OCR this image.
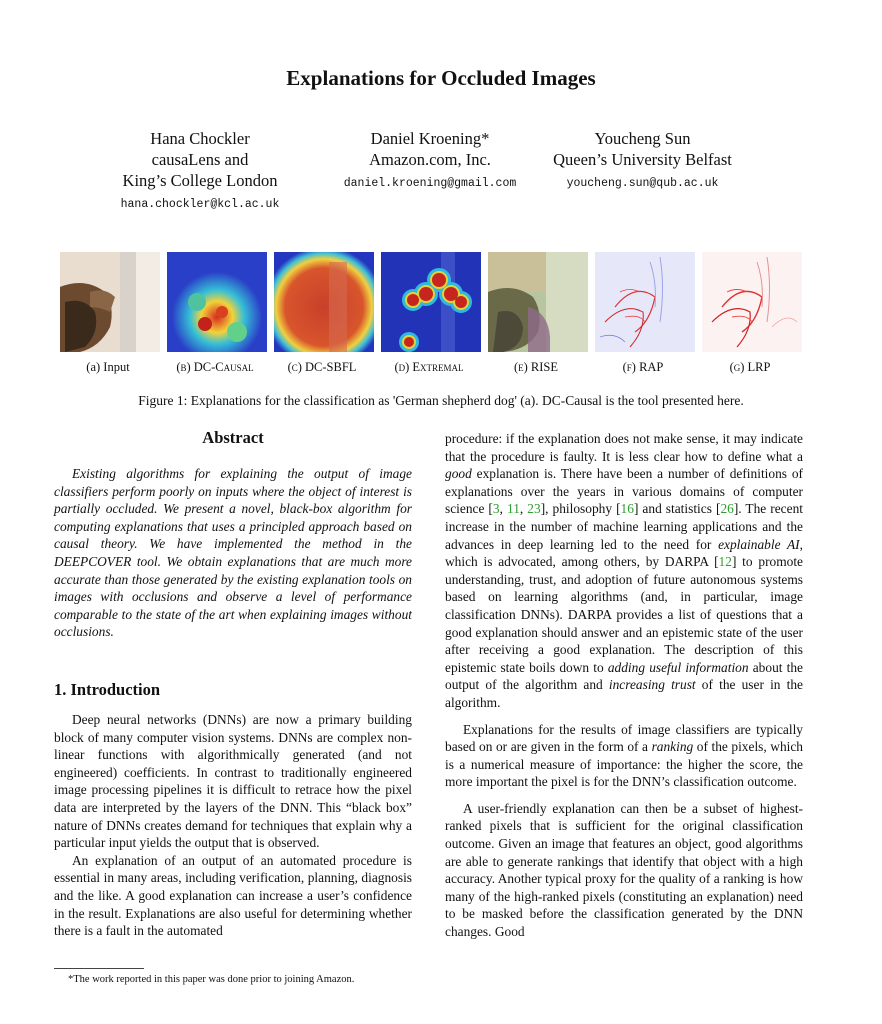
Explanations for Occluded Images
Hana Chockler
causaLens and
King’s College London
hana.chockler@kcl.ac.uk
Daniel Kroening*
Amazon.com, Inc.
daniel.kroening@gmail.com
Youcheng Sun
Queen’s University Belfast
youcheng.sun@qub.ac.uk
(a) Input	(b) DC-Causal	(c) DC-SBFL	(d) Extremal	(e) RISE	(f) RAP	(g) LRP
Figure 1: Explanations for the classification as 'German shepherd dog' (a). DC-Causal is the tool presented here.
Abstract

Existing algorithms for explaining the output of image classifiers perform poorly on inputs where the object of interest is partially occluded. We present a novel, black-box algorithm for computing explanations that uses a principled approach based on causal theory. We have implemented the method in the DEEPCOVER tool. We obtain explanations that are much more accurate than those generated by the existing explanation tools on images with occlusions and observe a level of performance comparable to the state of the art when explaining images without occlusions.

1. Introduction

Deep neural networks (DNNs) are now a primary building block of many computer vision systems. DNNs are complex non-linear functions with algorithmically generated (and not engineered) coefficients. In contrast to traditionally engineered image processing pipelines it is difficult to retrace how the pixel data are interpreted by the layers of the DNN. This “black box” nature of DNNs creates demand for techniques that explain why a particular input yields the output that is observed.

An explanation of an output of an automated procedure is essential in many areas, including verification, planning, diagnosis and the like. A good explanation can increase a user’s confidence in the result. Explanations are also useful for determining whether there is a fault in the automated

procedure: if the explanation does not make sense, it may indicate that the procedure is faulty. It is less clear how to define what a good explanation is. There have been a number of definitions of explanations over the years in various domains of computer science [3, 11, 23], philosophy [16] and statistics [26]. The recent increase in the number of machine learning applications and the advances in deep learning led to the need for explainable AI, which is advocated, among others, by DARPA [12] to promote understanding, trust, and adoption of future autonomous systems based on learning algorithms (and, in particular, image classification DNNs). DARPA provides a list of questions that a good explanation should answer and an epistemic state of the user after receiving a good explanation. The description of this epistemic state boils down to adding useful information about the output of the algorithm and increasing trust of the user in the algorithm.

Explanations for the results of image classifiers are typically based on or are given in the form of a ranking of the pixels, which is a numerical measure of importance: the higher the score, the more important the pixel is for the DNN’s classification outcome.

A user-friendly explanation can then be a subset of highest-ranked pixels that is sufficient for the original classification outcome. Given an image that features an object, good algorithms are able to generate rankings that identify that object with a high accuracy. Another typical proxy for the quality of a ranking is how many of the high-ranked pixels (constituting an explanation) need to be masked before the classification generated by the DNN changes. Good

*The work reported in this paper was done prior to joining Amazon.
